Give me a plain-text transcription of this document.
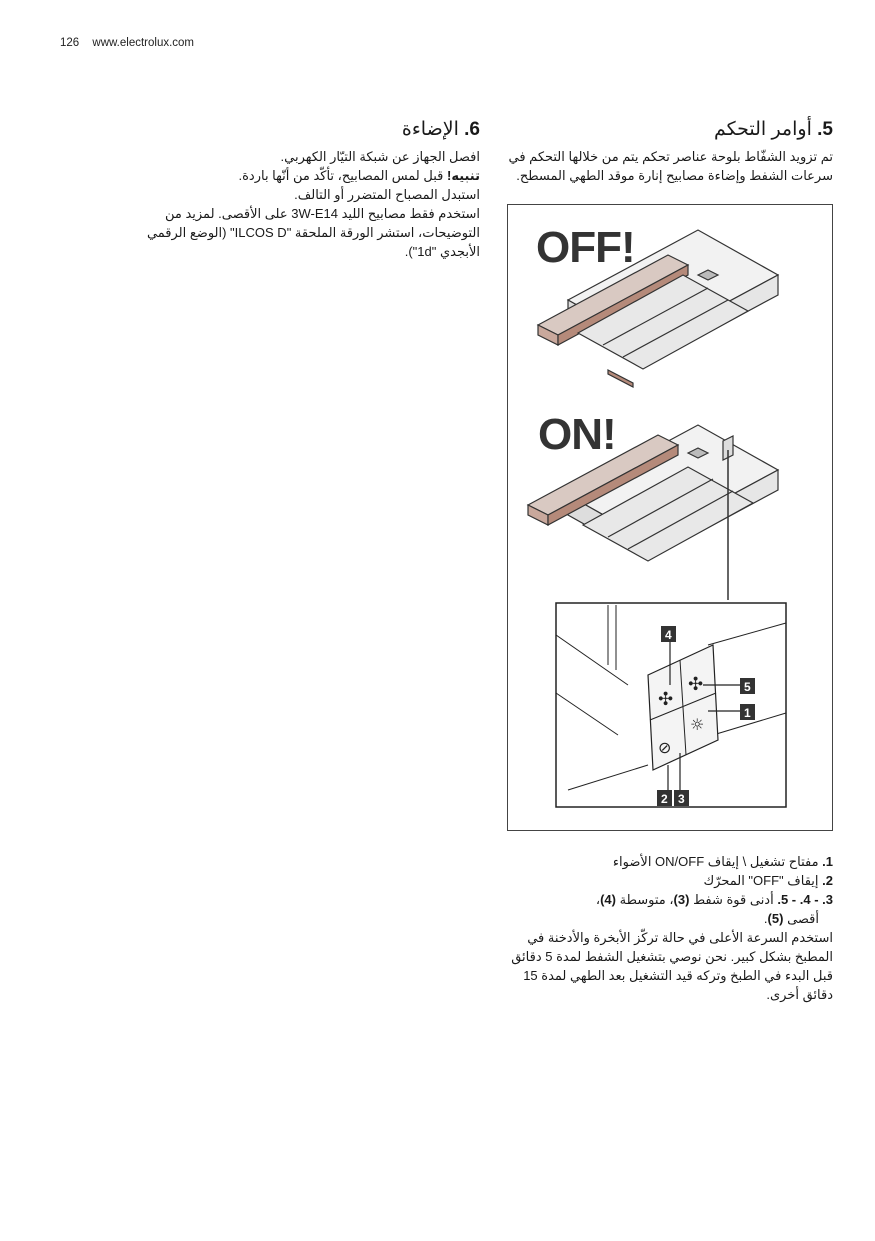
126 www.electrolux.com
5. أوامر التحكم

تم تزويد الشفّاط بلوحة عناصر تحكم يتم من خلالها التحكم في سرعات الشفط وإضاءة مصابيح إنارة موقد الطهي المسطح.

6. الإضاءة

افصل الجهاز عن شبكة التيّار الكهربي.

تنبيه! قبل لمس المصابيح، تأكّد من أنّها باردة.

استبدل المصباح المتضرر أو التالف.

استخدم فقط مصابيح الليد 3W-E14 على الأقصى. لمزيد من التوضيحات، استشر الورقة الملحقة "ILCOS D" (الوضع الرقمي الأبجدي "1d").

✣
✣
⊘
☼
4
5
1
2 3
OFF!
ON!

1. مفتاح تشغيل \ إيقاف ON/OFF الأضواء

2. إيقاف "OFF" المحرّك

3. - 4. - 5. أدنى قوة شفط (3)، متوسطة (4)،

أقصى (5).

استخدم السرعة الأعلى في حالة تركّز الأبخرة والأدخنة في المطبخ بشكل كبير. نحن نوصي بتشغيل الشفط لمدة 5 دقائق قبل البدء في الطبخ وتركه قيد التشغيل بعد الطهي لمدة 15 دقائق أخرى.
